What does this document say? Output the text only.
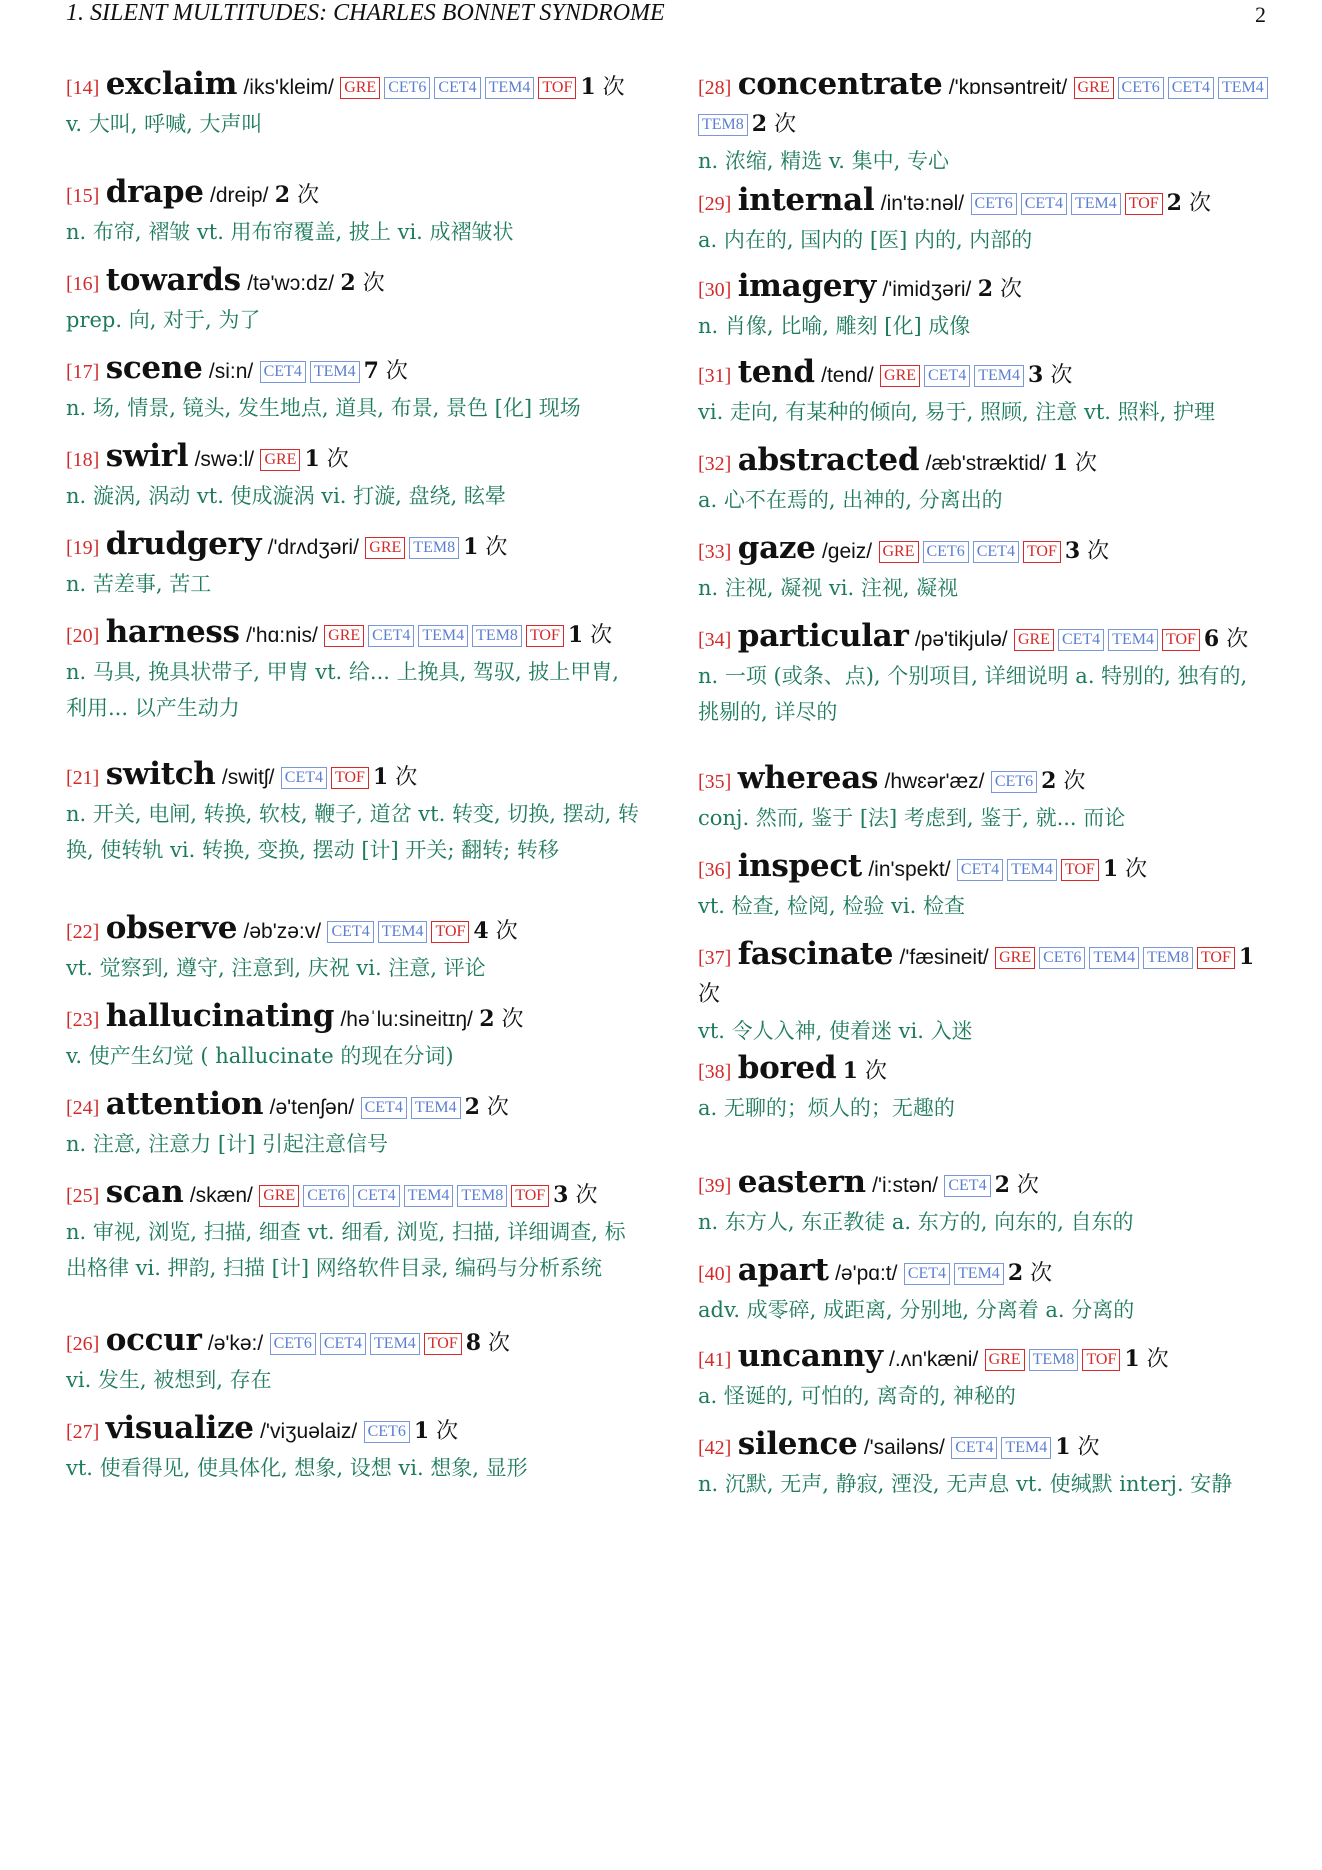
1. SILENT MULTITUDES: CHARLES BONNET SYNDROME	2
[14] exclaim /iks'kleim/ GRE CET6 CET4 TEM4 TOF 1 次
v. 大叫, 呼喊, 大声叫
[15] drape /dreip/ 2 次
n. 布帘, 褶皱 vt. 用布帘覆盖, 披上 vi. 成褶皱状
[16] towards /tə'wɔ:dz/ 2 次
prep. 向, 对于, 为了
[17] scene /si:n/ CET4 TEM4 7 次
n. 场, 情景, 镜头, 发生地点, 道具, 布景, 景色 [化] 现场
[18] swirl /swə:l/ GRE 1 次
n. 漩涡, 涡动 vt. 使成漩涡 vi. 打漩, 盘绕, 眩晕
[19] drudgery /'drʌdʒəri/ GRE TEM8 1 次
n. 苦差事, 苦工
[20] harness /'hɑ:nis/ GRE CET4 TEM4 TEM8 TOF 1 次
n. 马具, 挽具状带子, 甲胄 vt. 给... 上挽具, 驾驭, 披上甲胄, 利用... 以产生动力
[21] switch /switʃ/ CET4 TOF 1 次
n. 开关, 电闸, 转换, 软枝, 鞭子, 道岔 vt. 转变, 切换, 摆动, 转换, 使转轨 vi. 转换, 变换, 摆动 [计] 开关; 翻转; 转移
[22] observe /əb'zə:v/ CET4 TEM4 TOF 4 次
vt. 觉察到, 遵守, 注意到, 庆祝 vi. 注意, 评论
[23] hallucinating /həˈlu:sineitɪŋ/ 2 次
v. 使产生幻觉 ( hallucinate 的现在分词)
[24] attention /ə'tenʃən/ CET4 TEM4 2 次
n. 注意, 注意力 [计] 引起注意信号
[25] scan /skæn/ GRE CET6 CET4 TEM4 TEM8 TOF 3 次
n. 审视, 浏览, 扫描, 细查 vt. 细看, 浏览, 扫描, 详细调查, 标出格律 vi. 押韵, 扫描 [计] 网络软件目录, 编码与分析系统
[26] occur /ə'kə:/ CET6 CET4 TEM4 TOF 8 次
vi. 发生, 被想到, 存在
[27] visualize /'viʒuəlaiz/ CET6 1 次
vt. 使看得见, 使具体化, 想象, 设想 vi. 想象, 显形
[28] concentrate /'kɒnsəntreit/ GRE CET6 CET4 TEM4TEM8 2 次
n. 浓缩, 精选 v. 集中, 专心
[29] internal /in'tə:nəl/ CET6 CET4 TEM4 TOF 2 次
a. 内在的, 国内的 [医] 内的, 内部的
[30] imagery /'imidʒəri/ 2 次
n. 肖像, 比喻, 雕刻 [化] 成像
[31] tend /tend/ GRE CET4 TEM4 3 次
vi. 走向, 有某种的倾向, 易于, 照顾, 注意 vt. 照料, 护理
[32] abstracted /æb'stræktid/ 1 次
a. 心不在焉的, 出神的, 分离出的
[33] gaze /geiz/ GRE CET6 CET4 TOF 3 次
n. 注视, 凝视 vi. 注视, 凝视
[34] particular /pə'tikjulə/ GRE CET4 TEM4 TOF 6 次
n. 一项 (或条、点), 个别项目, 详细说明 a. 特别的, 独有的, 挑剔的, 详尽的
[35] whereas /hwɛər'æz/ CET6 2 次
conj. 然而, 鉴于 [法] 考虑到, 鉴于, 就... 而论
[36] inspect /in'spekt/ CET4 TEM4 TOF 1 次
vt. 检查, 检阅, 检验 vi. 检查
[37] fascinate /'fæsineit/ GRE CET6 TEM4 TEM8 TOF 1 次
vt. 令人入神, 使着迷 vi. 入迷
[38] bored 1 次
a. 无聊的；烦人的；无趣的
[39] eastern /'i:stən/ CET4 2 次
n. 东方人, 东正教徒 a. 东方的, 向东的, 自东的
[40] apart /ə'pɑ:t/ CET4 TEM4 2 次
adv. 成零碎, 成距离, 分别地, 分离着 a. 分离的
[41] uncanny /.ʌn'kæni/ GRE TEM8 TOF 1 次
a. 怪诞的, 可怕的, 离奇的, 神秘的
[42] silence /'sailəns/ CET4 TEM4 1 次
n. 沉默, 无声, 静寂, 湮没, 无声息 vt. 使缄默 interj. 安静
